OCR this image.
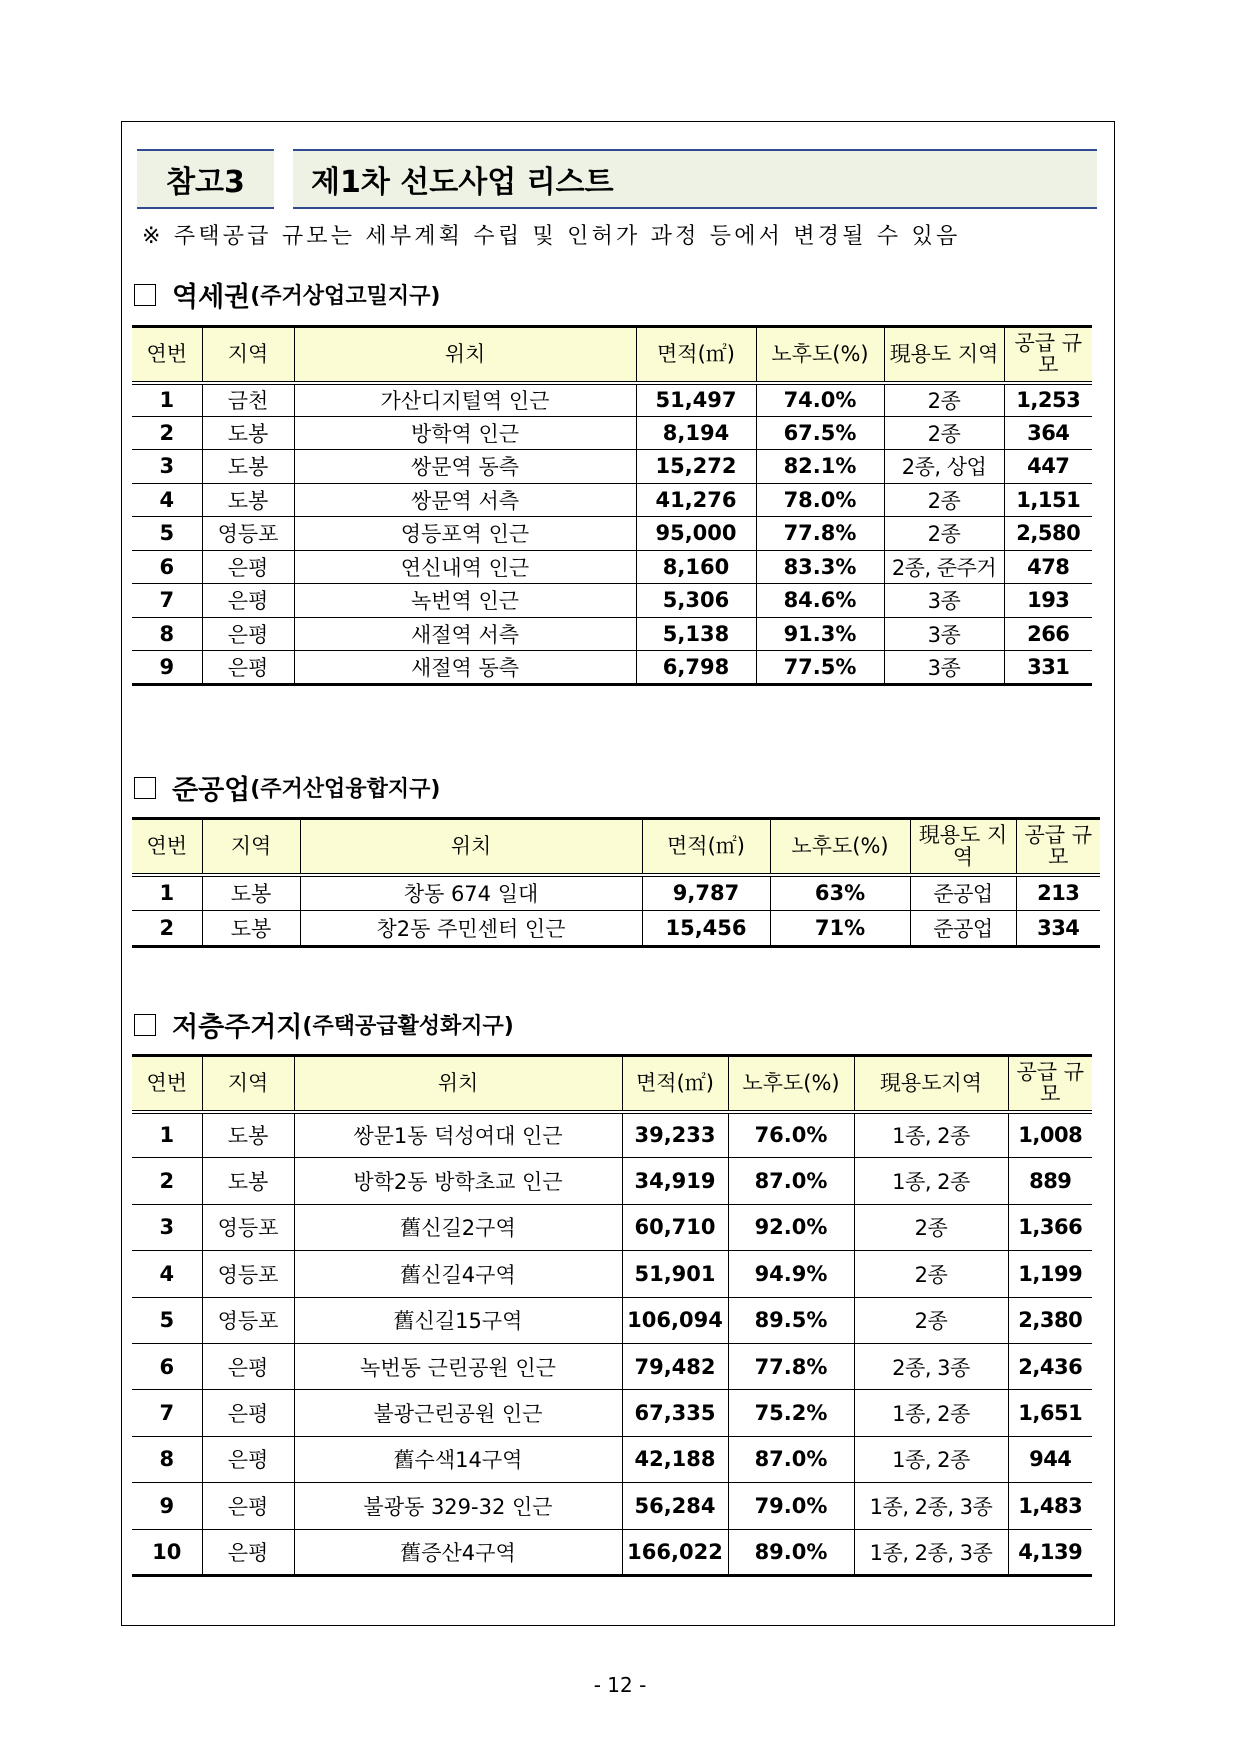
참고3	제1차 선도사업 리스트
※ 주택공급 규모는 세부계획 수립 및 인허가 과정 등에서 변경될 수 있음
역세권 (주거상업고밀지구)
연번	지역	위치	면적(㎡)	노후도(%)	現용도 지역	공급 규모
1	금천	가산디지털역 인근	51,497	74.0%	2종	1,253
2	도봉	방학역 인근	8,194	67.5%	2종	364
3	도봉	쌍문역 동측	15,272	82.1%	2종, 상업	447
4	도봉	쌍문역 서측	41,276	78.0%	2종	1,151
5	영등포	영등포역 인근	95,000	77.8%	2종	2,580
6	은평	연신내역 인근	8,160	83.3%	2종, 준주거	478
7	은평	녹번역 인근	5,306	84.6%	3종	193
8	은평	새절역 서측	5,138	91.3%	3종	266
9	은평	새절역 동측	6,798	77.5%	3종	331
준공업 (주거산업융합지구)
연번	지역	위치	면적(㎡)	노후도(%)	現용도 지역	공급 규모
1	도봉	창동 674 일대	9,787	63%	준공업	213
2	도봉	창2동 주민센터 인근	15,456	71%	준공업	334
저층주거지 (주택공급활성화지구)
연번	지역	위치	면적(㎡)	노후도(%)	現용도지역	공급 규모
1	도봉	쌍문1동 덕성여대 인근	39,233	76.0%	1종, 2종	1,008
2	도봉	방학2동 방학초교 인근	34,919	87.0%	1종, 2종	889
3	영등포	舊신길2구역	60,710	92.0%	2종	1,366
4	영등포	舊신길4구역	51,901	94.9%	2종	1,199
5	영등포	舊신길15구역	106,094	89.5%	2종	2,380
6	은평	녹번동 근린공원 인근	79,482	77.8%	2종, 3종	2,436
7	은평	불광근린공원 인근	67,335	75.2%	1종, 2종	1,651
8	은평	舊수색14구역	42,188	87.0%	1종, 2종	944
9	은평	불광동 329-32 인근	56,284	79.0%	1종, 2종, 3종	1,483
10	은평	舊증산4구역	166,022	89.0%	1종, 2종, 3종	4,139
- 12 -
